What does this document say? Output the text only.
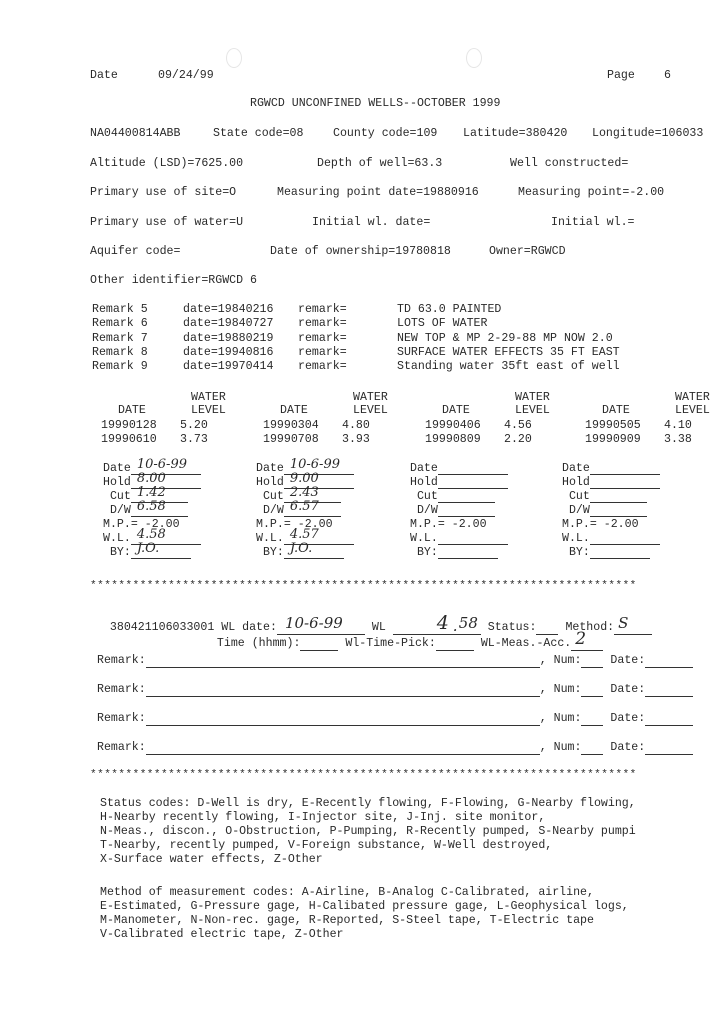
Date	09/24/99	Page	6
RGWCD UNCONFINED WELLS--OCTOBER 1999
NA04400814ABB	State code=08	County code=109 Latitude=380420 Longitude=106033
Altitude (LSD)=7625.00	Depth of well=63.3	Well constructed=
Primary use of site=O	Measuring point date=19880916	Measuring point=-2.00
Primary use of water=U	Initial wl. date=	Initial wl.=
Aquifer code=	Date of ownership=19780818	Owner=RGWCD
Other identifier=RGWCD 6
Remark 5	date=19840216 remark=	TD 63.0 PAINTED
Remark 6	date=19840727 remark=	LOTS OF WATER
Remark 7	date=19880219 remark=	NEW TOP & MP 2-29-88 MP NOW 2.0
Remark 8	date=19940816 remark=	SURFACE WATER EFFECTS 35 FT EAST
Remark 9	date=19970414 remark=	Standing water 35ft east of well
WATER
DATE	LEVEL
WATER
DATE	LEVEL
WATER
DATE	LEVEL
WATER
DATE	LEVEL
19990128 5.20	19990304 4.80	19990406 4.56	19990505 4.10
19990610 3.73	19990708 3.93	19990809 2.20	19990909 3.38
Date 10-6-99
Hold 8.00
Cut 1.42
D/W 6.58
M.P.= -2.00
W.L. 4.58
BY: J.O.
Date 10-6-99
Hold 9.00
Cut 2.43
D/W 6.57
M.P.= -2.00
W.L. 4.57
BY: J.O.
Date
Hold
Cut
D/W
M.P.= -2.00
W.L.
BY:
Date
Hold
Cut
D/W
M.P.= -2.00
W.L.
BY:
*****************************************************************************

380421106033001 WL date: 10-6-99	WL	4 . 58 Status: Method: S

Time (hhmm):	Wl-Time-Pick:	WL-Meas.-Acc. 2

Remark:	, Num: Date:
Remark:	, Num: Date:
Remark:	, Num: Date:
Remark:	, Num: Date:
*****************************************************************************
Status codes: D-Well is dry, E-Recently flowing, F-Flowing, G-Nearby flowing,
H-Nearby recently flowing, I-Injector site, J-Inj. site monitor,
N-Meas., discon., O-Obstruction, P-Pumping, R-Recently pumped, S-Nearby pumpi
T-Nearby, recently pumped, V-Foreign substance, W-Well destroyed,
X-Surface water effects, Z-Other
Method of measurement codes: A-Airline, B-Analog C-Calibrated, airline,
E-Estimated, G-Pressure gage, H-Calibated pressure gage, L-Geophysical logs,
M-Manometer, N-Non-rec. gage, R-Reported, S-Steel tape, T-Electric tape
V-Calibrated electric tape, Z-Other
